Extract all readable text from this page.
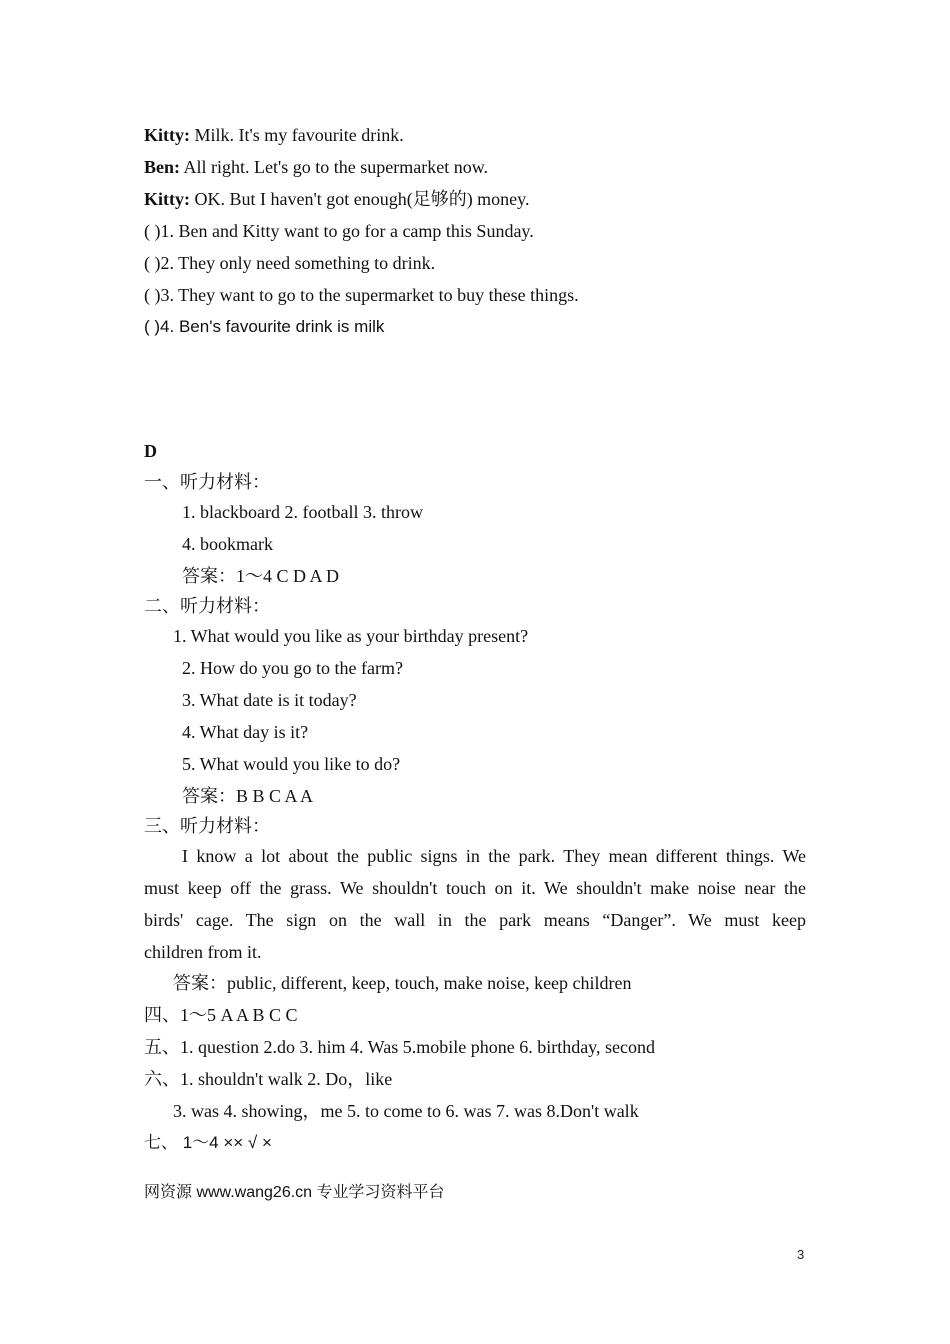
Kitty: Milk. It's my favourite drink.
Ben: All right. Let's go to the supermarket now.
Kitty: OK. But I haven't got enough(足够的) money.
( )1. Ben and Kitty want to go for a camp this Sunday.
( )2. They only need something to drink.
( )3. They want to go to the supermarket to buy these things.
( )4. Ben's favourite drink is milk
D
一、听力材料：
1. blackboard 2. football 3. throw
4. bookmark
答案：1～4 C D A D
二、听力材料：
1. What would you like as your birthday present?
2. How do you go to the farm?
3. What date is it today?
4. What day is it?
5. What would you like to do?
答案：B B C A A
三、听力材料：
I know a lot about the public signs in the park. They mean different things. We
must keep off the grass. We shouldn't touch on it. We shouldn't make noise near the
birds' cage. The sign on the wall in the park means “Danger”. We must keep
children from it.
答案：public, different, keep, touch, make noise, keep children
四、1～5 A A B C C
五、1. question 2.do 3. him 4. Was 5.mobile phone 6. birthday, second
六、1. shouldn't walk 2. Do，like
3. was 4. showing，me 5. to come to 6. was 7. was 8.Don't walk
七、 1～4 ×× √ ×
网资源 www.wang26.cn 专业学习资料平台
3
